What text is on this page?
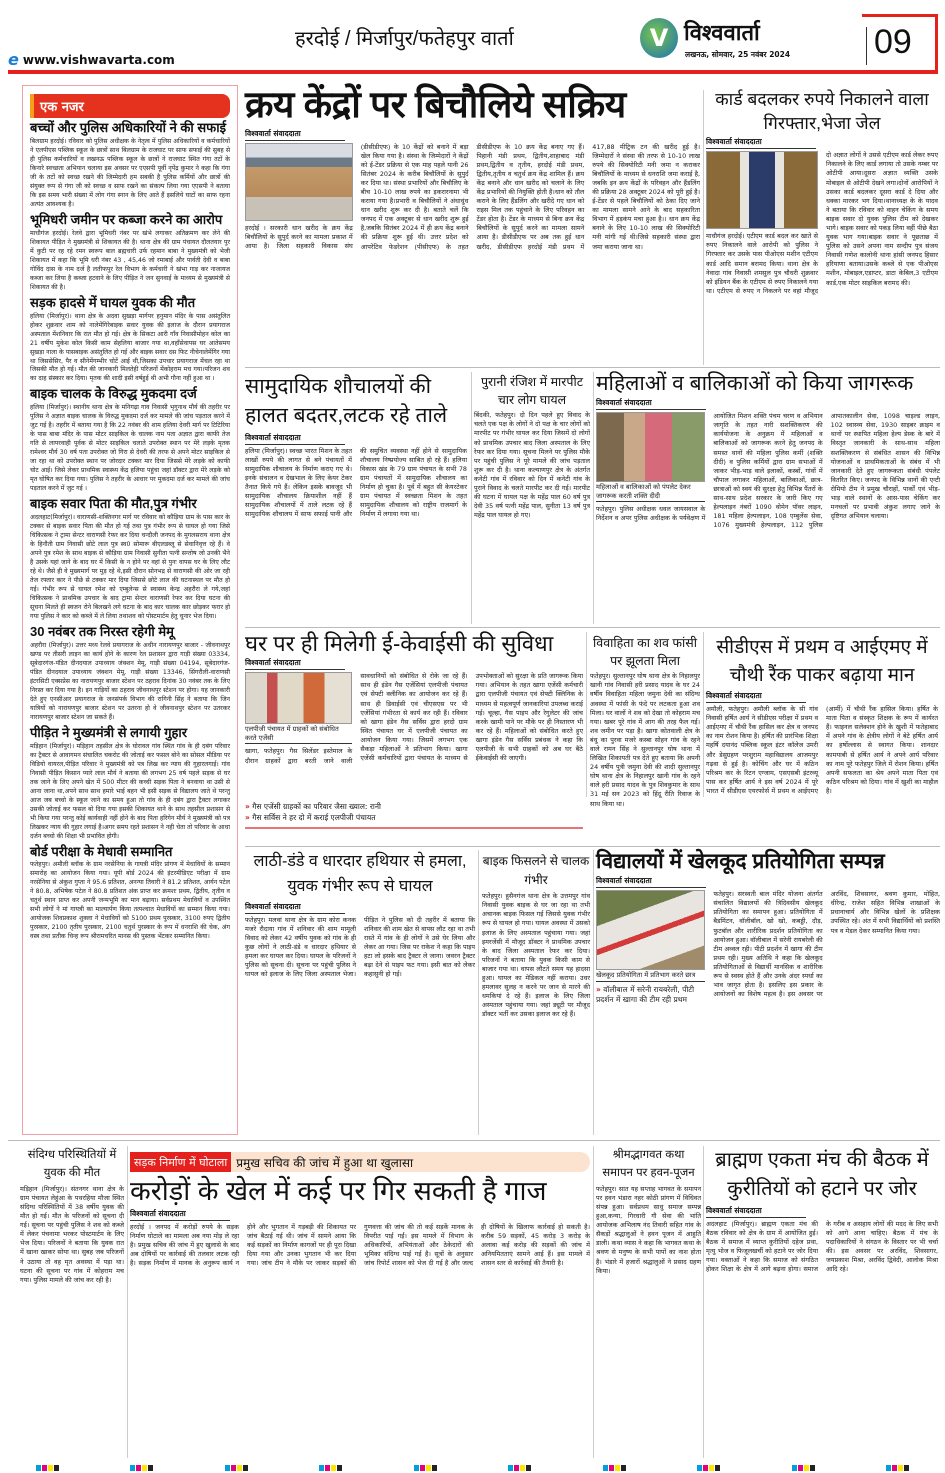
e www.vishwavarta.com
हरदोई / मिर्जापुर/फतेहपुर वार्ता	V विश्ववार्ता
लखनऊ, सोमवार, 25 नवंबर 2024 09
एक नजर
बच्चों और पुलिस अधिकारियों ने की सफाई
बिलग्राम हरदोई। रविवार को पुलिस अधीक्षक के नेतृत्व में पुलिस अधिकारियों व कर्मचारियों ने एलपीएस पब्लिक स्कूल के छात्रों साथ बिलग्राम के राजघाट पर साफ सफाई की सुबह से ही पुलिस कर्मचारियों व लखनऊ पब्लिक स्कूल के छात्रों ने राजघाट स्थित गंगा तटों के किनारे स्वच्छता अभियान चलाया इस अवसर पर एएसपी पूर्वी नृपेंद्र कुमार ने कहा कि गंगा जी के तटों को स्वच्छ रखने की जिम्मेदारी हम सबकी है पुलिस कर्मियों और छात्रों की संयुक्त रूप से गंगा जी को स्वच्छ व साफ रखने का संकल्प लिया गया एएसपी ने बताया कि इस समय भारी संख्या में लोग गंगा स्नान के लिए आते हैं इसलिये घाटों का साफ रहना अत्यंत आवश्यक है।
भूमिधरी जमीन पर कब्जा करने का आरोप
माधौगंज हरदोई। रेलवे द्वारा भूमिधरी नंबर पर खंभे लगाकर अतिक्रमण कर लेने की शिकायत पीड़ित ने मुख्यमंत्री से शिकायत की है। थाना क्षेत्र की ग्राम पंचायत दौलतयार पुर में कुटी पर रह रहे रमन स्वरूप बाल ब्रह्मचारी उर्फ रहमान बाबा ने मुख्यमंत्री को भेजी शिकायत में कहा कि भूमि धरी नंबर 43 , 45,46 जो रमाबाई और पार्वती देवी व बाबा गोविंद दास के नाम दर्ज है लतीफपुर रेल विभाग के कर्मचारी ने खंभा गाड़ कर नाजायज कब्जा कर लिया है कब्जा हटवाने के लिए पीड़ित ने जन सुनवाई के माध्यम से मुख्यमंत्री से शिकायत की है।
सड़क हादसे में घायल युवक की मौत
हलिया (मिर्जापुर)। थाना क्षेत्र के अदवा सुखड़ा मार्गपर हनुमान मंदिर के पास असंतुलित होकर शुक्रवार शाम को नालेमेंगिरेबाइक सवार युवक की इलाज के दौरान प्रयागराज अस्पताल मेंशनिवार कि रात मौत हो गई। क्षेत्र के सिकटा आरी गाँव निवासीमोहन कोल का 21 वर्षीय मुकेश कोल किसी काम सेहलिया बाजार गया था,वहाँसेवापस घर आतेसमय सुखड़ा नाला के पासबाइक असंतुलित हो गई और बाइक सवार दस फिट नीचेनालेमेंगिर गया था जिससेसिर, पैर व सीनेमेंगम्भीर चोटें आई थी,जिसका उपचार प्रयागराज मेंचल रहा था जिसकी मौत हो गई। मौत की जानकारी मिलतेही परिजनों मेंकोहराम मच गया।परिजन शव का दाह संस्कार कर दिया। मृतक की शादी इसी वर्षहुई थी अभी गौना नहीं हुआ था ।
बाइक चालक के विरुद्ध मुकदमा दर्ज
हलिया (मिर्जापुर)। स्थानीय थाना क्षेत्र के मनिगढ़ा गाव निवासी भृगुनाथ मौर्य की तहरीर पर पुलिस ने अज्ञात बाइक चालक के विरुद्ध मुकदमा दर्ज कर मामले की जांच पड़ताल करने में जुट गई है। तहरीर में बताया गया है कि 22 नवंबर की शाम हलिया देवरी मार्ग पर टिटिरिया के पास बाबा मंदिर के पास मोटर साइकिल के चालक नाम पता अज्ञात द्वारा काफी तेज गति से लापरवाही पूर्वक से मोटर साइकिल चलाते उपरोक्त स्थान पर मेरे लड़के मृतक रामेश्वर मौर्य 30 वर्ष पता उपरोक्त जो गिरा से देवरी की तरफ से अपने मोटर साइकिल से जा रहा था को उपरोक्त स्थान पर जोरदार टक्कर मार दिया जिससे मेरे लड़के को काफी चोट आई। जिसे लेकर प्राथमिक स्वास्थ्य केंद्र हलिया पहुंचा जहां डॉक्टर द्वारा मेरे लड़के को मृत घोषित कर दिया गया। पुलिस ने तहरीर के आधार पर मुकदमा दर्ज कर मामले की जांच पड़ताल करने में जुट गई ।
बाइक सवार पिता की मौत,पुत्र गंभीर
अदलहाट(मिर्जापुर)। वाराणसी-शक्तिनगर मार्ग पर रविवार को कौड़िया ग्राम के पास कार के टक्कर से बाइक सवार पिता की मौत हो गई तथा पुत्र गंभीर रूप से घायल हो गया जिसे चिकित्सक ने ट्रामा सेन्टर वाराणसी रेफर कर दिया चन्दौली जनपद के मुगलसराय थाना क्षेत्र के हिनौती ग्राम निवासी छोटे लाल पुत्र स्व0 सोमारू बीएलडब्लू से सेवानिवृत्त रहे हैं। वे अपने पुत्र रमेश के साथ बाइक से कौड़िया ग्राम निवासी सुनीता पत्नी सन्तोष जो उनकी भैने है उसके यहां जाने के बाद घर में किसी के न होने पर वहां से पुनः वापस घर के लिए लौट रहे थे। जैसे ही वे मुख्यमार्ग पर मुड़ रहे थे,इसी दौरान सोनभद्र से वाराणसी की ओर जा रही तेज रफ्तार कार ने पीछे से टक्कर मार दिया जिससे छोटे लाल की घटनास्थल पर मौत हो गई। गंभीर रूप से घायल रमेश को एम्बुलेन्स से स्वास्थ्य केन्द्र अहरौरा ले गये,जहां चिकित्सक ने प्राथमिक उपचार के बाद ट्रामा सेन्टर वाराणसी रेफर कर दिया घटना की सूचना मिलते ही स्वजन रोने बिलखने लगे घटना के बाद कार चालक कार छोड़कर फरार हो गया पुलिस ने कार को कब्जे में ले लिया तथाशव को पोस्टमार्टम हेतु चुनार भेज दिया।
30 नवंबर तक निरस्त रहेगी मेमू
अहरौरा (मिर्जापुर)। उत्तर मध्य रेलवे प्रयागराज के अधीन नारायणपुर बाजार - जीवनाथपुर खण्ड पर तीसरी लाइन का कार्य होने के कारण रेल प्रशासन द्वारा गाड़ी संख्या 03334, सूबेदारगंज-पंडित दीनदयाल उपाध्याय जंक्शन मेमू, गाड़ी संख्या 04194, सूबेदारगंज-पंडित दीनदयाल उपाध्याय जंक्शन मेमू, गाड़ी संख्या 13346, सिंगरौली-वाराणसी इंटरसिटी एक्सप्रेस का नारायणपुर बाजार स्टेशन पर ठहराव दिनांक 30 नवंबर तक के लिए निरस्त कर दिया गया है। इन गाड़ियों का ठहराव जीवनाथपुर स्टेशन पर होगा। यह जानकारी देते हुए एनसीआर प्रयागराज के जनसंपर्क विभाग की रागिनी सिंह ने बताया कि जिन यात्रियों को नारायणपुर बाजार स्टेशन पर उतरना हो वे जीवनाथपुर स्टेशन पर उतरकर नारायणपुर बाजार स्टेशन जा सकते हैं।
पीड़ित ने मुख्यमंत्री से लगायी गुहार
मड़िहान (मिर्जापुर)। मड़िहान तहसील क्षेत्र के घोरावल गांव स्थित गांव के ही दबंग परिवार का ट्रैक्टर से आवागमन संचालित चकरोट की जोताई कर फसल बोने का सोसल मीडिया पर विडियो वायरल,पीड़ित परिवार ने मुख्यमंत्री को पत्र लिख कर न्याय की गुहारलगाई। गांव निवासी पीड़ित किसान प्यारे लाल मौर्य ने बताया की लगभग 25 वर्ष पहले सड़क से घर तक जाने के लिए अपने खेत में 500 मीटर की कच्ची सड़क पिता ने बनवाया था उसी से आना जाना था,अपने साथ साथ हमारे भाई बहन भी इसी सड़क से विद्यालय जाते थे परन्तु आज जब बच्चो के स्कूल जाने का समय हुआ तो गांव के ही दबंग द्वारा ट्रैक्टर लगाकर उसकी जोताई कर फसल बो दिया गया इसकी शिकायत थाने के साथ तहसील प्रशासन से भी किया गया परन्तु कोई कार्यवाही नहीं होने के बाद पिता हरिगेन मौर्य ने मुख्यमंत्री को पत्र लिखकर न्याय की गुहार लगाई है।अगर समय रहते प्रशासन ने नही चेता तो परिवार के आधा दर्जन बच्चो की शिक्षा भी प्रभावित होगी।
बोर्ड परीक्षा के मेधावी सम्मानित
फतेहपुर। अमौली ब्लॉक के ग्राम नरसेनिया के गायत्री मंदिर प्रांगण में मेधावियों के सम्मान समारोह का आयोजन किया गया। यूपी बोर्ड 2024 की इंटरमीडिएट परीक्षा में ग्राम नरसेनिया से अंकुश गुप्ता ने 95.6 प्रतिशत, अनन्या तिवारी ने 81.2 प्रतिशत, आर्यन पटेल ने 80.8, अभिषेक पटेल ने 80.8 प्रतिशत अंक प्राप्त कर क्रमशः प्रथम, द्वितीय, तृतीय व चतुर्थ स्थान प्राप्त कर अपनी जन्मभूमि का मान बढ़ाया। सर्वप्रथम मेधावियों व उपस्थित सभी लोगों ने मां गायत्री का माल्यार्पण किया तत्पश्चात मेधावियों का सम्मान किया गया। आयोजक शिवप्रकाश शुक्ला ने मेधावियों को 5100 प्रथम पुरस्कार, 3100 रुपए द्वितीय पुरस्कार, 2100 तृतीय पुरस्कार, 2100 चतुर्थ पुरस्कार के रूप में धनराशि की चेक, अंग वस्त्र तथा प्रतीक चिन्ह रूप श्रीरामचरित मानस की पुस्तक भेंटकर सम्मानित किया।
क्रय केंद्रों पर बिचौलिये सक्रिय
विश्ववार्ता संवाददाता
हरदोई । सरकारी धान खरीद के क्रय केंद्र बिचौलियों के सुपुर्द करने का मामला प्रकाश में आया है। जिला सहकारी विकास संघ (डीसीडीएफ) के 10 केंद्रों को बनाने में बड़ा खेल किया गया है। संस्था के जिम्मेदारों ने केंद्रों को ई-टेंडर प्रक्रिया से एक माह पहले यानी 26 सितंबर 2024 के करीब बिचौलियों के सुपुर्द कर दिया था। संस्था प्रभारियों और बिचौलिए के बीच 10-10 लाख रुपये का इकरारनामा भी कराया गया है।प्रभारी व बिचौलियों ने अंधाधुंध धान खरीद शुरू कर दी है। बताते चलें कि जनपद में एक अक्टूबर से धान खरीद शुरू हुई है,जबकि सितंबर 2024 में ही क्रय केंद्र बनाने की प्रक्रिया शुरू हुई थी। उत्तर प्रदेश को आपरेटिव फेडरेशन (पीसीएफ) के तहत डीसीडीएफ के 10 क्रय केंद्र बनाए गए हैं। पिहानी मंडी प्रथम, द्वितीय,शाहाबाद मंडी प्रथम,द्वितीय व तृतीय, हरदोई मंडी प्रथम, द्वितीय,तृतीय व चतुर्थ क्रय केंद्र शामिल हैं। क्रय केंद्र बनाने और धान खरीद को चलाने के लिए केंद्र प्रभारियों की नियुक्ति होती है।धान को तौल कराने के लिए हैंडलिंग और खरीदे गए धान को राइस मिल तक पहुंचाने के लिए परिवहन का टेंडर होता है। टेंडर के माध्यम से बिना क्रय केंद्र बिचौलियों के सुपुर्द करने का मामला सामने आया है। डीसीडीएफ पर अब तक हुई धान खरीद, डीसीडीएफ हरदोई मंडी प्रथम में 417,88 मीट्रिक टन की खरीद हुई है। जिम्मेदारों ने संस्था की तरफ से 10-10 लाख रुपये की सिक्योरिटी मनी जमा न कराकर बिचौलियों के माध्यम से धनराशि जमा कराई है, जबकि इन क्रय केंद्रों के परिवहन और हैंडलिंग की प्रक्रिया 28 अक्टूबर 2024 को पूरी हुई है। ई-टेंडर से पहले बिचौलियों को ठेका दिए जाने का मामला सामने आने के बाद सहकारिता विभाग में हड़कंप मचा हुआ है।। धान क्रय केंद्र बनाने के लिए 10-10 लाख की सिक्योरिटी मनी मांगी गई थी।जिसे सहकारी संस्था द्वारा जमा कराया जाना था।
कार्ड बदलकर रुपये निकालने वाला गिरफ्तार,भेजा जेल
विश्ववार्ता संवाददाता
माधौगंज हरदोई। एटीएम कार्ड बदल कर खाते से रुपए निकालने वाले आरोपी को पुलिस ने गिरफ्तार कर उसके पास पीओएस मशीन एटीएम कार्ड आदि समान बरामद किया। थाना क्षेत्र के नेवादा गांव निवासी शमसुल पुत्र चौधरी शुक्रवार को इंडियन बैंक के एटीएम से रुपए निकालने गया था। एटीएम से रुपए न निकलने पर वहां मौजूद दो अज्ञात लोगों ने उससे एटीएम कार्ड लेकर रुपए निकालने के लिए कार्ड लगाया तो उसके नम्बर पर ओटीपी आया।दूसरा अज्ञात व्यक्ति उसके मोबाइल से ओटीपी देखने लगा।दोनों आरोपियों ने उसका कार्ड बदलकर दूसरा कार्ड दे दिया और धक्का मारकर भग दिया।थानाध्यक्ष के के यादव ने बताया कि रविवार को वाहन चेकिंग के समय बाइक सवार दो युवक पुलिस टीम को देखकर भागे। बाइक सवार को पकड़ लिया वहीं पीछे बैठा युवक भाग गया।बाइक सवार ने पूछताछ में पुलिस को उसने अपना नाम सन्दीप पुत्र संजय निवासी गणेश कालोनी थाना हांसी जनपद हिसार हरियाणा बताया।उसके कब्जे से एक पीओएस मशीन, मोबाइल,एडाप्टर, डाटा केबिल,3 एटीएम कार्ड,एक मोटर साइकिल बरामद की।
सामुदायिक शौचालयों की हालत बदतर,लटक रहे ताले
विश्ववार्ता संवाददाता
हलिया (मिर्जापुर)। स्वच्छ भारत मिशन के तहत लाखों रुपये की लागत से बने पंचायतों में सामुदायिक शौचालय के निर्माण कराए गए थे। इनके संचालन व देखभाल के लिए केयर टेकर तैनात किये गये हैं। लेकिन इसके बावजूद भी सामुदायिक शौचालय क्रियाशील नहीं हैं सामुदायिक शौचालयों में ताले लटक रहे हैं सामुदायिक शौचालय में साफ सफाई पानी और की समुचित व्यवस्था नहीं होने से सामुदायिक शौचालय निष्प्रयोज्य साबित हो रहे हैं। हलिया विकास खंड के 79 ग्राम पंचायत के सभी 78 ग्राम पंचायतों में सामुदायिक शौचालय का निर्माण हो चुका है। पूर्व में बहुत सी केयरटेकर ग्राम पंचायत में स्वच्छता मिशन के तहत सामुदायिक शौचालय को राष्ट्रीय राजमार्ग के निर्माण में लगाया गया था।
पुरानी रंजिश में मारपीट चार लोग घायल
बिंदकी, फतेहपुर। दो दिन पहले हुए विवाद के चलते एक पक्ष के लोगों ने दो पक्ष के चार लोगों को मारपीट पर गंभीर घायल कर दिया जिसमें दो लोगों को प्राथमिक उपचार बाद जिला अस्पताल के लिए रेफर कर दिया गया। सूचना मिलने पर पुलिस मौके पर पहुंची पुलिस ने पूरे मामले की जांच पड़ताल शुरू कर दी है। थाना कल्याणपुर क्षेत्र के अंतर्गत कनेटी गांव में रविवार को दिन में कनेटी गांव के पुराने विवाद के चलते मारपीट कर दी गई। मारपीट की घटना में घायल पक्ष के महेंद्र पाल 60 वर्ष पुत्र देवी 35 वर्ष पत्नी महेंद्र पाल, सुनीता 13 वर्ष पुत्र महेंद्र पाल घायल हो गए।
महिलाओं व बालिकाओं को किया जागरूक
विश्ववार्ता संवाददाता
महिलाओं व बालिकाओं को पंपलेट देकर जागरूक करती शक्ति दीदी
फतेहपुर। पुलिस अधीक्षक धवल जायसवाल के निर्देशन व अपर पुलिस अधीक्षक के पर्यवेक्षण में आयोजित मिशन शक्ति पंचम चरण व अभियान जागृति के तहत नारी सशक्तिकरण की कार्ययोजना के अनुक्रम में महिलाओं व बालिकाओं को जागरूक करने हेतु जनपद के समस्त थानों की महिला पुलिस कर्मी (शक्ति दीदी) व पुलिस कर्मियों द्वारा ग्राम सभाओं में जाकर भीड़-भाड़ वाले इलाकों, कस्बों, गांवों में चौपाल लगाकर महिलाओं, बालिकाओं, छात्र-छात्राओं को स्वयं की सुरक्षा हेतु विभिन्न पैंतरों के साथ-साथ प्रदेश सरकार के जारी किए गए हेल्पलाइन नंबरों 1090 वोमेन पॉवर लाइन, 181 महिला हेल्पलाइन, 108 एम्बुलेंस सेवा, 1076 मुख्यमंत्री हेल्पलाइन, 112 पुलिस आपातकालीन सेवा, 1098 चाइल्ड लाइन, 102 स्वास्थ्य सेवा, 1930 साइबर क्राइम व थानों पर स्थापित महिला हेल्प डेस्क के बारे में विस्तृत जानकारी के साथ-साथ महिला सशक्तिकरण से संबंधित शासन की विभिन्न योजनाओं व प्राथमिकताओं के संबंध में भी जानकारी देते हुए जागरूकता संबंधी पंपलेट वितरित किए। जनपद के विभिन्न थानों की एन्टी रोमियो टीम ने प्रमुख चौराहों, पार्कों एवं भीड़-भाड़ वाले स्थानों के आस-पास चेकिंग कर मनचलों पर प्रभावी अंकुश लगाए जाने के दृष्टिगत अभियान चलाया।
घर पर ही मिलेगी ई-केवाईसी की सुविधा
विश्ववार्ता संवाददाता
एलपीजी पंचायत में ग्राहकों को संबोधित करते एजेंसी
खागा, फतेहपुर। गैस सिलेंडर इस्तेमाल के दौरान ग्राहकों द्वारा बरती जाने वाली सावधानियों को संबोधित से रोके जा रहे हैं। साथ ही इंडेन गैस एजेंसियां एलपीजी पंचायत एवं सेफ्टी क्लीनिक का आयोजन कर रहे हैं। साथ ही डिवाईसी एवं चीएसएस पर भी एजेंसियां गंभीरता से कार्य कर रही हैं। रविवार को खागा इंडेन गैस सर्विस द्वारा हरदो ग्राम स्थित पंचायत घर में एलपीजी पंचायत का आयोजन किया गया। जिसमें लगभग एक सैकड़ा महिलाओं ने प्रतिभाग किया। खागा एजेंसी कर्मचारियों द्वारा पंचायत के माध्यम से उपभोक्ताओं को सुरक्षा के प्रति जागरूक किया गया। अभियान के तहत खागा एजेंसी कर्मचारी द्वारा एलपीजी पंचायत एवं सेफ्टी क्लिनिक के माध्यम से महत्वपूर्ण जानकारियां उपलब्ध कराई गई। चूल्हा, गैस पाइप और रेगुलेटर की जांच करके खामी पाने पर मौके पर ही निस्तारण भी कर रहे हैं। महिलाओं को संबोधित करते हुए खागा इंडेन गैस सर्विस प्रबंधक ने कहा कि एलपीजी के सभी ग्राहकों को अब घर बैठे ईकेवाईसी की जाएगी।
» गैस एजेंसी ग्राहकों का परिवार जैसा ख्याल: रानी
» गैस सर्विस ने हर दो में कराई एलपीजी पंचायत
विवाहिता का शव फांसी पर झूलता मिला
फतेहपुर। सुल्तानपुर घोष थाना क्षेत्र के निहालपुर खानी गांव निवासी हरी प्रसाद यादव के घर 24 वर्षीय विवाहिता महिला जमुना देवी का संदिग्ध अवस्था में फांसी के फंदे पर लटकता हुआ शव मिला। घर वालों ने शव को देखा तो कोहराम मच गया। खबर पूरे गांव में आग की तरह फैल गई। शव जमीन पर पड़ा है। खागा कोतवाली क्षेत्र के बंधु का पुरवा मजरे कस्बा सोहन गांव के रहने वाले रामन सिंह ने सुल्तानपुर घोष थाना में लिखित शिकायती पत्र देते हुए बताया कि अपनी 24 वर्षीय पुत्री जमुना देवी की शादी सुल्तानपुर घोष थाना क्षेत्र के निहालपुर खानी गांव के रहने वाले हरी प्रसाद यादव के पुत्र शिवकुमार के साथ 31 मई सन 2023 को हिंदू रीति रिवाज के साथ किया था।
सीडीएस में प्रथम व आईएमए में चौथी रैंक पाकर बढ़ाया मान
विश्ववार्ता संवाददाता
अमौली, फतेहपुर। अमौली ब्लॉक के सी गांव निवासी हर्षित आर्य ने सीडीएस परीक्षा में प्रथम व आईएमए में चौथी रैंक हासिल कर क्षेत्र व जनपद का नाम रोशन किया है। हर्षित की प्रारंभिक शिक्षा महर्षि दयानंद पब्लिक स्कूल इंटर कॉलेज उमरी और डेसुग्रहण परशुराम महाविद्यालय आजमपुर गढ़वा से हुई है। कोचिंग और घर में कठिन परिश्रम कर के रिटन एग्जाम, एसएसबी इंटरव्यू पास कर हर्षित आर्य ने इस वर्ष 2024 में पूरे भारत में सीडीएस एयरफोर्स में प्रथम व आईएमए (आर्मी) में चौथी रैंक हासिल किया। हर्षित के माता पिता व संस्कृत शिक्षक के रूप में कार्यरत हैं। फाइनल सलेक्शन होने के खुशी में फतेहाबाद में अपने गांव के क्षेत्रीय लोगों ने बेटे हर्षित आर्य का हर्षोल्लास से स्वागत किया। शानदार कामयाबी से हर्षित आर्य ने अपने आर्य परिवार का नाम पूरे फतेहपुर जिले में रोशन किया। हर्षित अपनी सफलता का श्रेय अपने माता पिता एवं कठिन परिश्रम को दिया। गांव में खुशी का माहौल है।
लाठी-डंडे व धारदार हथियार से हमला, युवक गंभीर रूप से घायल
विश्ववार्ता संवाददाता
फतेहपुर। मलवां थाना क्षेत्र के ग्राम कोरा कनक मजरे रौदाया गांव में शनिवार की शाम मामूली विवाद को लेकर 42 वर्षीय युवक को गांव के ही कुछ लोगों ने लाठी-डंडे व धारदार हथियार से हमला कर घायल कर दिया। घायल के परिजनों ने पुलिस को सूचना दी। सूचना पर पहुंची पुलिस ने घायल को इलाज के लिए जिला अस्पताल भेजा। पीड़ित ने पुलिस को दी तहरीर में बताया कि शनिवार की शाम खेत से वापस लौट रहा था तभी रास्ते में गांव के ही लोगों ने उसे घेर लिया और लेकर आ गया। जिस पर राकेश ने कहा कि पाइप हटा लो इसके बाद ट्रैक्टर ले जाना। जवरन ट्रैक्टर बढ़ा देने से पाइप फट गया। इसी बात को लेकर कहासुनी हो गई।
बाइक फिसलने से चालक गंभीर
फतेहपुर। हुसैनगंज थाना क्षेत्र के उत्तमपुर गांव निवासी युवक बाइक से घर जा रहा था तभी अचानक बाइक फिसल गई जिससे युवक गंभीर रूप से घायल हो गया। घायल अवस्था में उसको इलाज के लिए अस्पताल पहुंचाया गया। जहां इमरजेंसी में मौजूद डॉक्टर ने प्राथमिक उपचार के बाद जिला अस्पताल रेफर कर दिया। परिजनों ने बताया कि युवक किसी काम से बाजार गया था। वापस लौटते समय यह हादसा हुआ। घायल का मेडिकल नहीं कराया। उधर हमलावर सुलह न करने पर जान से मारने की धमकियां दे रहे हैं। इलाज के लिए जिला अस्पताल पहुंचाया गया। जहां ड्यूटी पर मौजूद डॉक्टर भर्ती कर उसका इलाज कर रहे हैं।
विद्यालयों में खेलकूद प्रतियोगिता सम्पन्न
विश्ववार्ता संवाददाता
खेलकूद प्रतियोगिता में प्रतिभाग करते छात्र
» वॉलीबाल में सरेनी रायबरेली, पीटी प्रदर्शन में खागा की टीम रही प्रथम
फतेहपुर। सरस्वती बाल मंदिर योजना अंतर्गत संचालित विद्यालयों की त्रिदिवसीय खेलकूद प्रतियोगिता का समापन हुआ। प्रतियोगिता में बैडमिंटन, वॉलीबॉल, खो खो, कबड्डी, दौड़, फुटबॉल और शारीरिक प्रदर्शन प्रतियोगिता का आयोजन हुआ। वॉलीबाल में सरेनी रायबरेली की टीम अव्वल रही। पीटी प्रदर्शन में खागा की टीम प्रथम रही। मुख्य अतिथि ने कहा कि खेलकूद प्रतियोगिताओं से विद्यार्थी मानसिक व शारीरिक रूप से स्वस्थ होते हैं और उनके अंदर स्पर्धा का भाव जागृत होता है। इसलिए इस प्रकार के आयोजनों का विशेष महत्व है। इस अवसर पर अरविंद, शिवसागर, श्रवण कुमार, मोहित, धीरेन्द्र, राजेश सहित विभिन्न शाखाओं के प्रधानाचार्य और विभिन्न खेलों के प्रशिक्षक उपस्थित रहे। अंत में सभी विद्यार्थियों को प्रशस्ति पत्र व मेडल देकर सम्मानित किया गया।
संदिग्ध परिस्थितियों में युवक की मौत
मड़िहान (मिर्जापुर)। संतनगर थाना क्षेत्र के ग्राम पंचायत लेहुंआ के पथरहिया मौजा स्थित संदिग्ध परिस्थितियों में 38 वर्षीय युवक की मौत हो गई। मौत के परिजनों को सूचना दी गई। सूचना पर पहुंची पुलिस ने शव को कब्जे में लेकर पंचनामा भरकर पोस्टमार्टम के लिए भेज दिया। परिजनों ने बताया कि युवक रात में खाना खाकर सोया था। सुबह जब परिजनों ने उठाया तो वह मृत अवस्था में पड़ा था। घटना की सूचना पर गांव में कोहराम मच गया। पुलिस मामले की जांच कर रही है।
सड़क निर्माण में घोटाला प्रमुख सचिव की जांच में हुआ था खुलासा
करोड़ों के खेल में कई पर गिर सकती है गाज
विश्ववार्ता संवाददाता
हरदोई । जनपद में करोड़ों रुपये के सड़क निर्माण घोटाले का मामला अब नया मोड़ ले रहा है। प्रमुख सचिव की जांच में हुए खुलासे के बाद अब दोषियों पर कार्रवाई की तलवार लटक रही है। सड़क निर्माण में मानक के अनुरूप कार्य न होने और भुगतान में गड़बड़ी की शिकायत पर जांच बैठाई गई थी। जांच में सामने आया कि कई सड़कों का निर्माण कागजों पर ही पूरा दिखा दिया गया और उनका भुगतान भी कर दिया गया। जांच टीम ने मौके पर जाकर सड़कों की गुणवत्ता की जांच की तो कई सड़कें मानक के विपरीत पाई गईं। इस मामले में विभाग के अधिकारियों, अभियंताओं और ठेकेदारों की भूमिका संदिग्ध पाई गई है। सूत्रों के अनुसार जांच रिपोर्ट शासन को भेज दी गई है और जल्द ही दोषियों के खिलाफ कार्रवाई हो सकती है। करीब 59 सड़कों, 45 करोड़ 3 करोड़ के अलावा कई करोड़ की सड़कों की जांच में अनियमितताएं सामने आई हैं। इस मामले में शासन स्तर से कार्रवाई की तैयारी है।
श्रीमद्भागवत कथा समापन पर हवन-पूजन
फतेहपुर। सात यह सप्ताह भागवत के समापन पर हवन भंडारा नहर कोठी प्रांगण में विधिवत संपन्न हुआ। सर्वप्रथम साधु समाज सम्पन्न हुआ,कन्या, गिरधारी गौ सेवा की भांति आयोजक अभिलाष नंद तिवारी सहित गांव के सैकड़ों श्रद्धालुओं ने हवन पूजन में आहुति डाली। कथा व्यास ने कहा कि भागवत कथा के श्रवण से मनुष्य के सभी पापों का नाश होता है। भंडारे में हजारों श्रद्धालुओं ने प्रसाद ग्रहण किया।
ब्राह्मण एकता मंच की बैठक में कुरीतियों को हटाने पर जोर
विश्ववार्ता संवाददाता
अदलहाट (मिर्जापुर)। ब्राह्मण एकता मंच की बैठक रविवार को क्षेत्र के ग्राम में आयोजित हुई। बैठक में समाज में व्याप्त कुरीतियों दहेज प्रथा, मृत्यु भोज व फिजूलखर्ची को हटाने पर जोर दिया गया। वक्ताओं ने कहा कि समाज को संगठित होकर शिक्षा के क्षेत्र में आगे बढ़ना होगा। समाज के गरीब व असहाय लोगों की मदद के लिए सभी को आगे आना चाहिए। बैठक में मंच के पदाधिकारियों ने संगठन के विस्तार पर भी चर्चा की। इस अवसर पर अरविंद, शिवसागर, जयप्रकाश मिश्रा, अरविंद द्विवेदी, आलोक मिश्रा आदि रहे।
